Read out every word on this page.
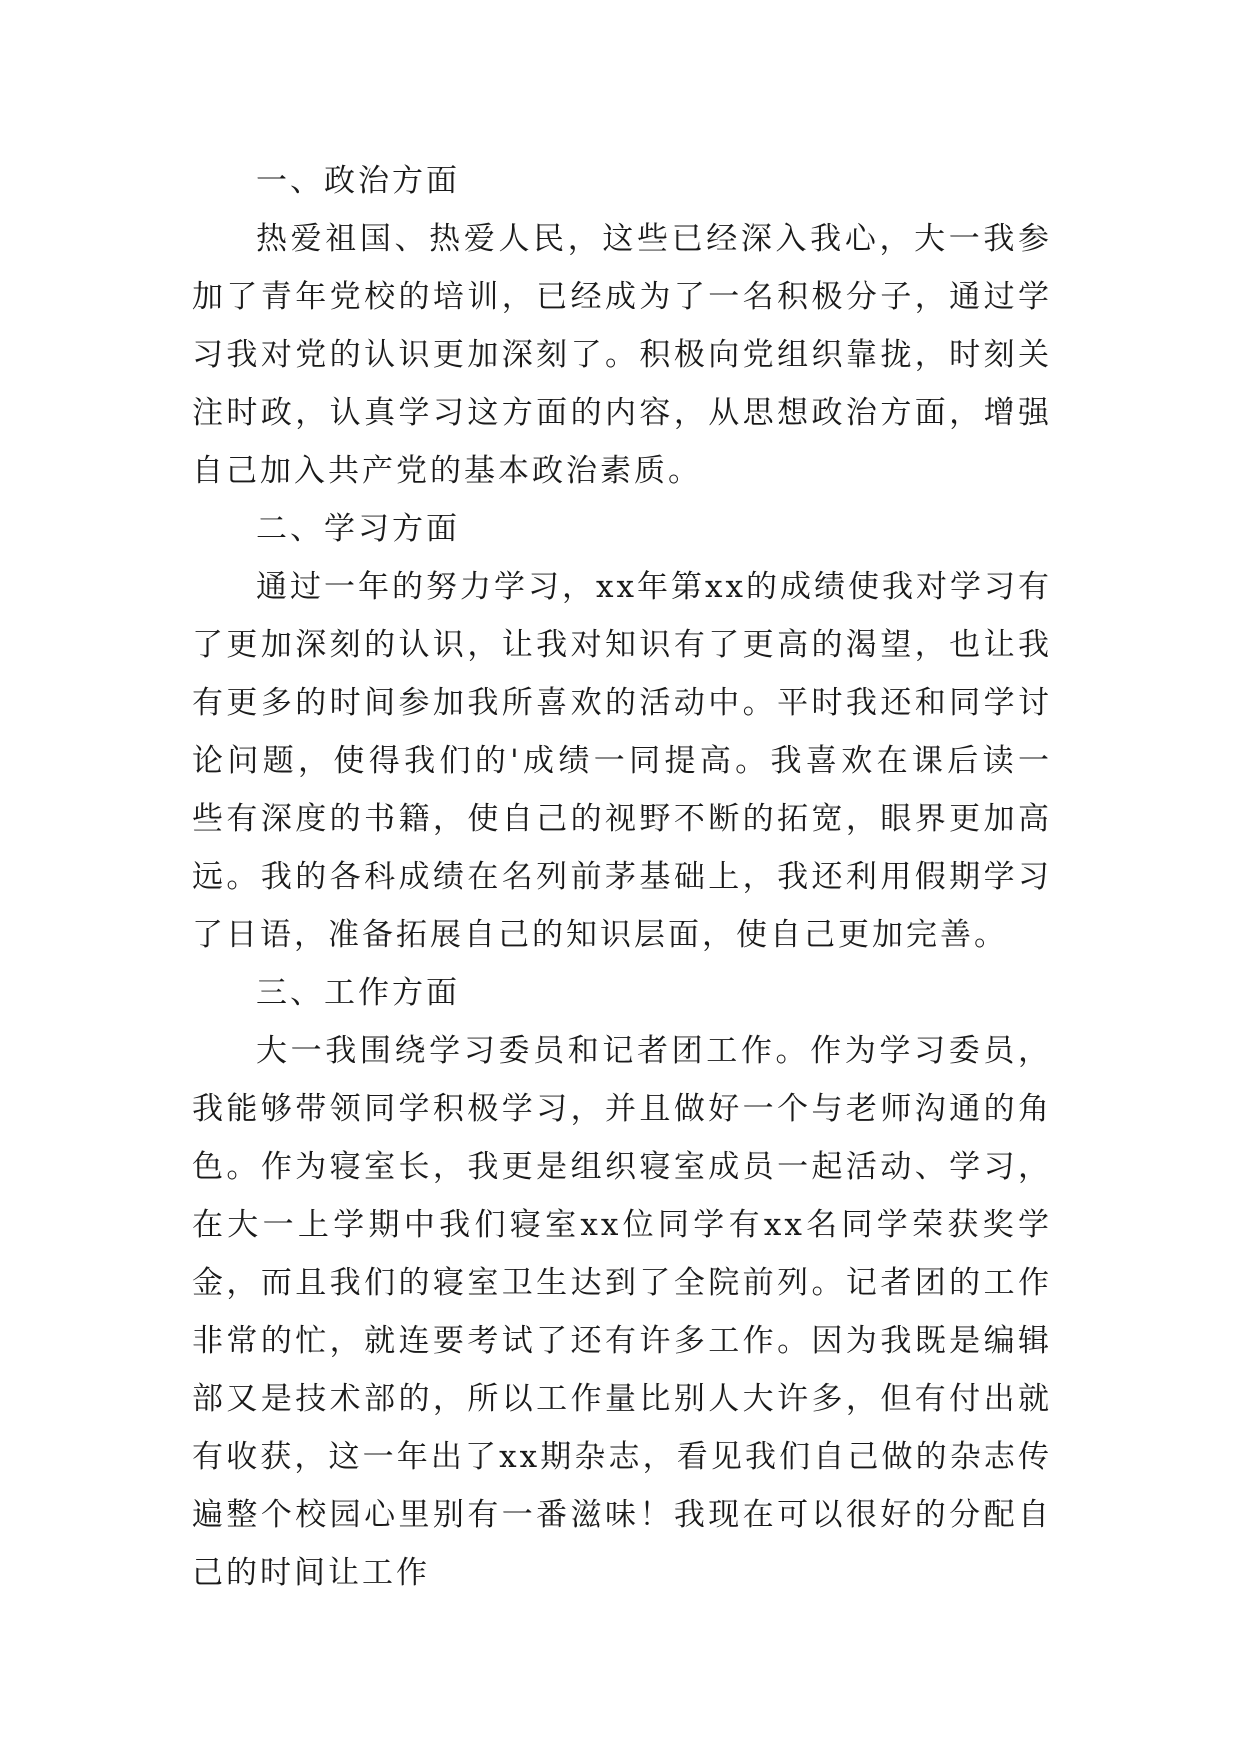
一、政治方面

热爱祖国、热爱人民，这些已经深入我心，大一我参加了青年党校的培训，已经成为了一名积极分子，通过学习我对党的认识更加深刻了。积极向党组织靠拢，时刻关注时政，认真学习这方面的内容，从思想政治方面，增强自己加入共产党的基本政治素质。

二、学习方面

通过一年的努力学习，xx年第xx的成绩使我对学习有了更加深刻的认识，让我对知识有了更高的渴望，也让我有更多的时间参加我所喜欢的活动中。平时我还和同学讨论问题，使得我们的'成绩一同提高。我喜欢在课后读一些有深度的书籍，使自己的视野不断的拓宽，眼界更加高远。我的各科成绩在名列前茅基础上，我还利用假期学习了日语，准备拓展自己的知识层面，使自己更加完善。

三、工作方面

大一我围绕学习委员和记者团工作。作为学习委员，我能够带领同学积极学习，并且做好一个与老师沟通的角色。作为寝室长，我更是组织寝室成员一起活动、学习，在大一上学期中我们寝室xx位同学有xx名同学荣获奖学金，而且我们的寝室卫生达到了全院前列。记者团的工作非常的忙，就连要考试了还有许多工作。因为我既是编辑部又是技术部的，所以工作量比别人大许多，但有付出就有收获，这一年出了xx期杂志，看见我们自己做的杂志传遍整个校园心里别有一番滋味！我现在可以很好的分配自己的时间让工作
